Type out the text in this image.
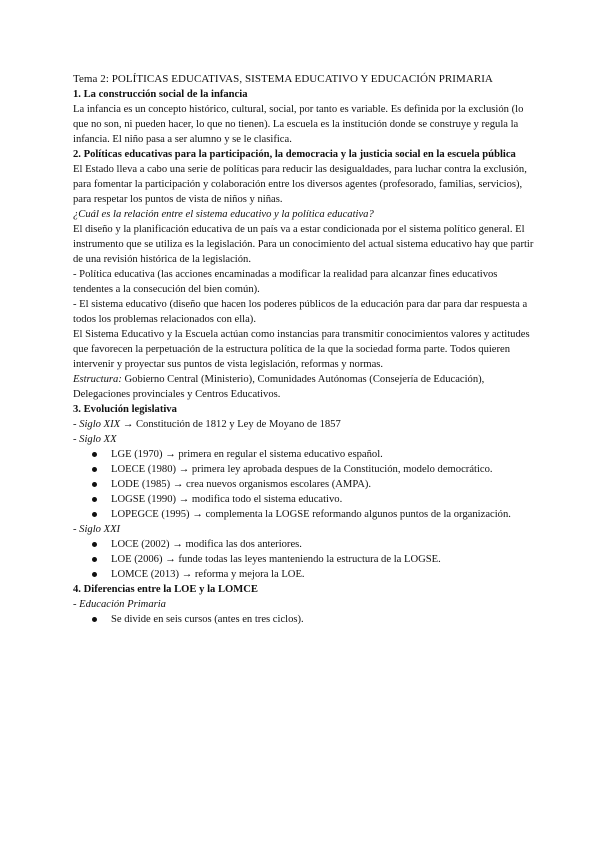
Tema 2: POLÍTICAS EDUCATIVAS, SISTEMA EDUCATIVO Y EDUCACIÓN PRIMARIA

1. La construcción social de la infancia

La infancia es un concepto histórico, cultural, social, por tanto es variable. Es definida por la exclusión (lo que no son, ni pueden hacer, lo que no tienen). La escuela es la institución donde se construye y regula la infancia. El niño pasa a ser alumno y se le clasifica.

2. Políticas educativas para la participación, la democracia y la justicia social en la escuela pública

El Estado lleva a cabo una serie de políticas para reducir las desigualdades, para luchar contra la exclusión, para fomentar la participación y colaboración entre los diversos agentes (profesorado, familias, servicios), para respetar los puntos de vista de niños y niñas.

¿Cuál es la relación entre el sistema educativo y la política educativa?

El diseño y la planificación educativa de un país va a estar condicionada por el sistema político general. El instrumento que se utiliza es la legislación. Para un conocimiento del actual sistema educativo hay que partir de una revisión histórica de la legislación.

- Política educativa (las acciones encaminadas a modificar la realidad para alcanzar fines educativos tendentes a la consecución del bien común).

- El sistema educativo (diseño que hacen los poderes públicos de la educación para dar para dar respuesta a todos los problemas relacionados con ella).

El Sistema Educativo y la Escuela actúan como instancias para transmitir conocimientos valores y actitudes que favorecen la perpetuación de la estructura política de la que la sociedad forma parte. Todos quieren intervenir y proyectar sus puntos de vista legislación, reformas y normas.

Estructura: Gobierno Central (Ministerio), Comunidades Autónomas (Consejería de Educación), Delegaciones provinciales y Centros Educativos.

3. Evolución legislativa

- Siglo XIX → Constitución de 1812 y Ley de Moyano de 1857

- Siglo XX

LGE (1970) → primera en regular el sistema educativo español.
LOECE (1980) → primera ley aprobada despues de la Constitución, modelo democrático.
LODE (1985) → crea nuevos organismos escolares (AMPA).
LOGSE (1990) → modifica todo el sistema educativo.
LOPEGCE (1995) → complementa la LOGSE reformando algunos puntos de la organización.

- Siglo XXI

LOCE (2002) → modifica las dos anteriores.
LOE (2006) → funde todas las leyes manteniendo la estructura de la LOGSE.
LOMCE (2013) → reforma y mejora la LOE.

4. Diferencias entre la LOE y la LOMCE

- Educación Primaria

Se divide en seis cursos (antes en tres ciclos).
